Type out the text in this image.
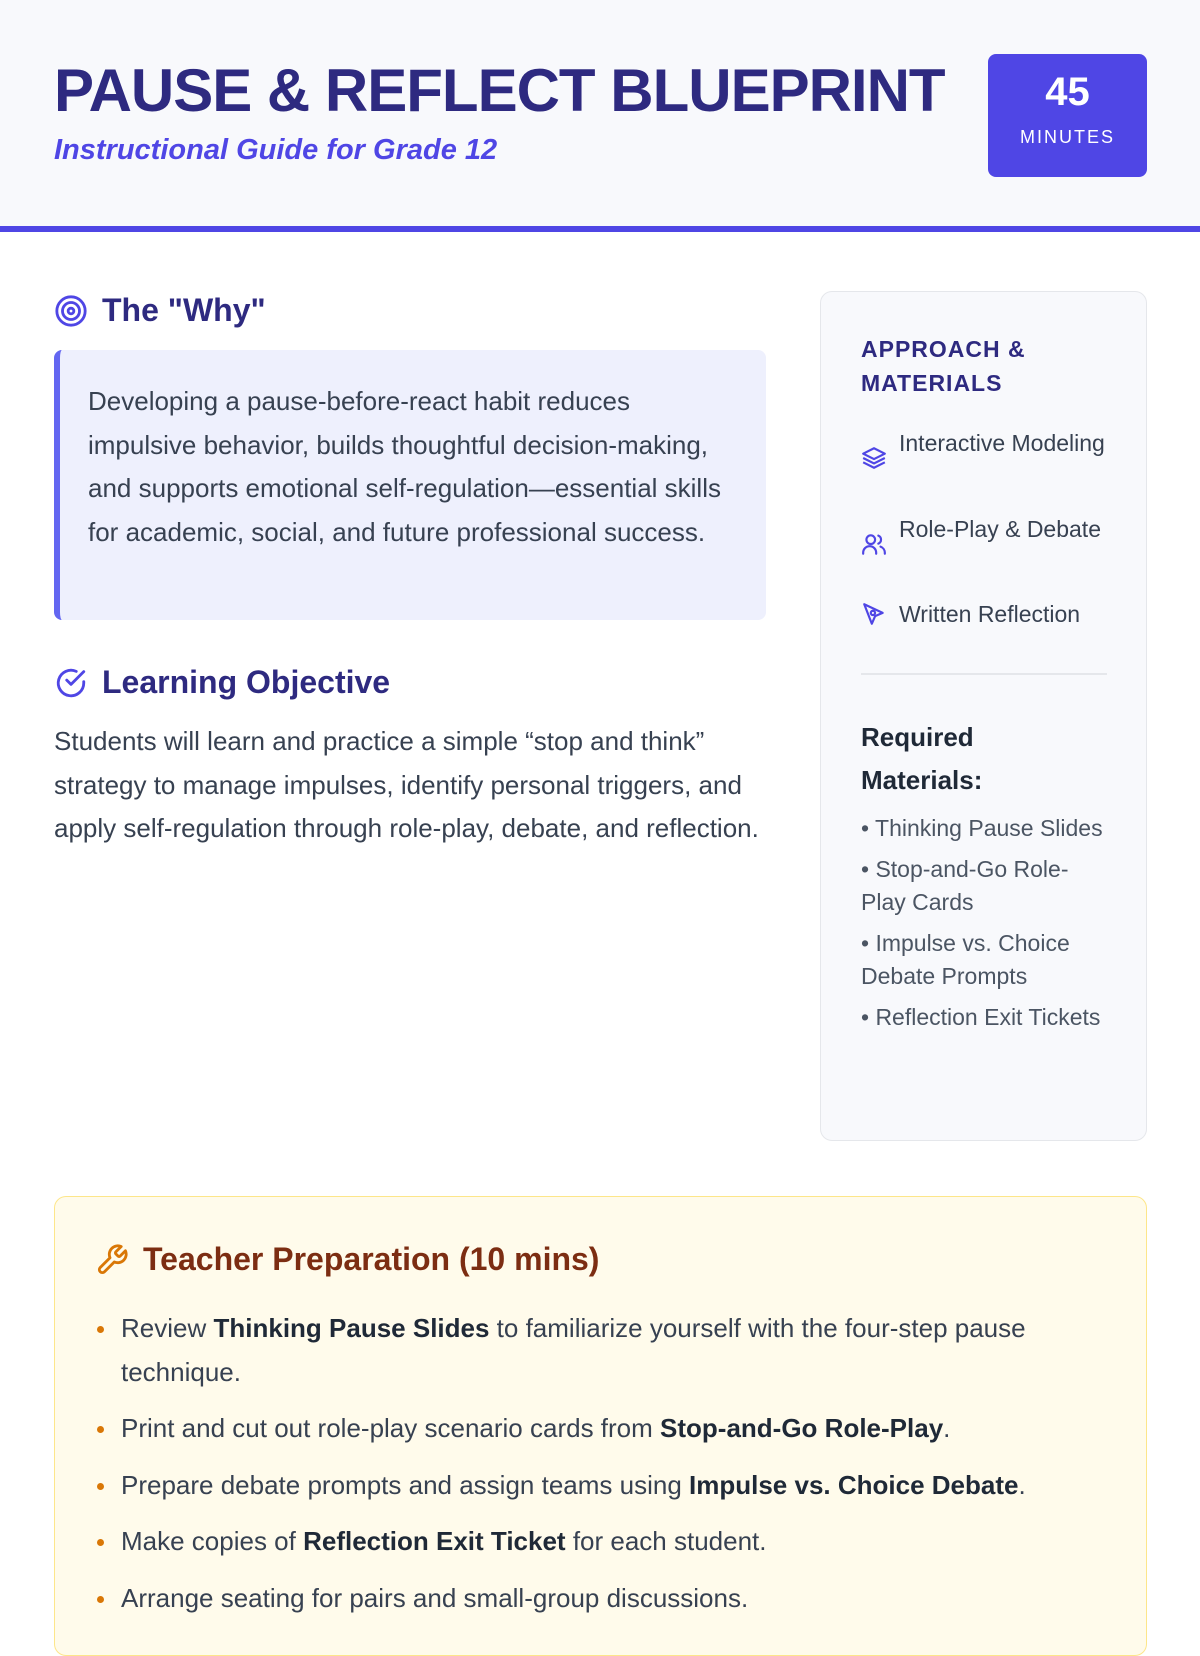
PAUSE & REFLECT BLUEPRINT
Instructional Guide for Grade 12
45
MINUTES
The "Why"
Developing a pause-before-react habit reduces impulsive behavior, builds thoughtful decision-making, and supports emotional self-regulation—essential skills for academic, social, and future professional success.
Learning Objective

Students will learn and practice a simple “stop and think” strategy to manage impulses, identify personal triggers, and apply self-regulation through role-play, debate, and reflection.

APPROACH & MATERIALS
Interactive Modeling
Role-Play & Debate
Written Reflection
Required Materials:
• Thinking Pause Slides
• Stop-and-Go Role-Play Cards
• Impulse vs. Choice Debate Prompts
• Reflection Exit Tickets
Teacher Preparation (10 mins)
Review Thinking Pause Slides to familiarize yourself with the four-step pause technique.
Print and cut out role-play scenario cards from Stop-and-Go Role-Play.
Prepare debate prompts and assign teams using Impulse vs. Choice Debate.
Make copies of Reflection Exit Ticket for each student.
Arrange seating for pairs and small-group discussions.
